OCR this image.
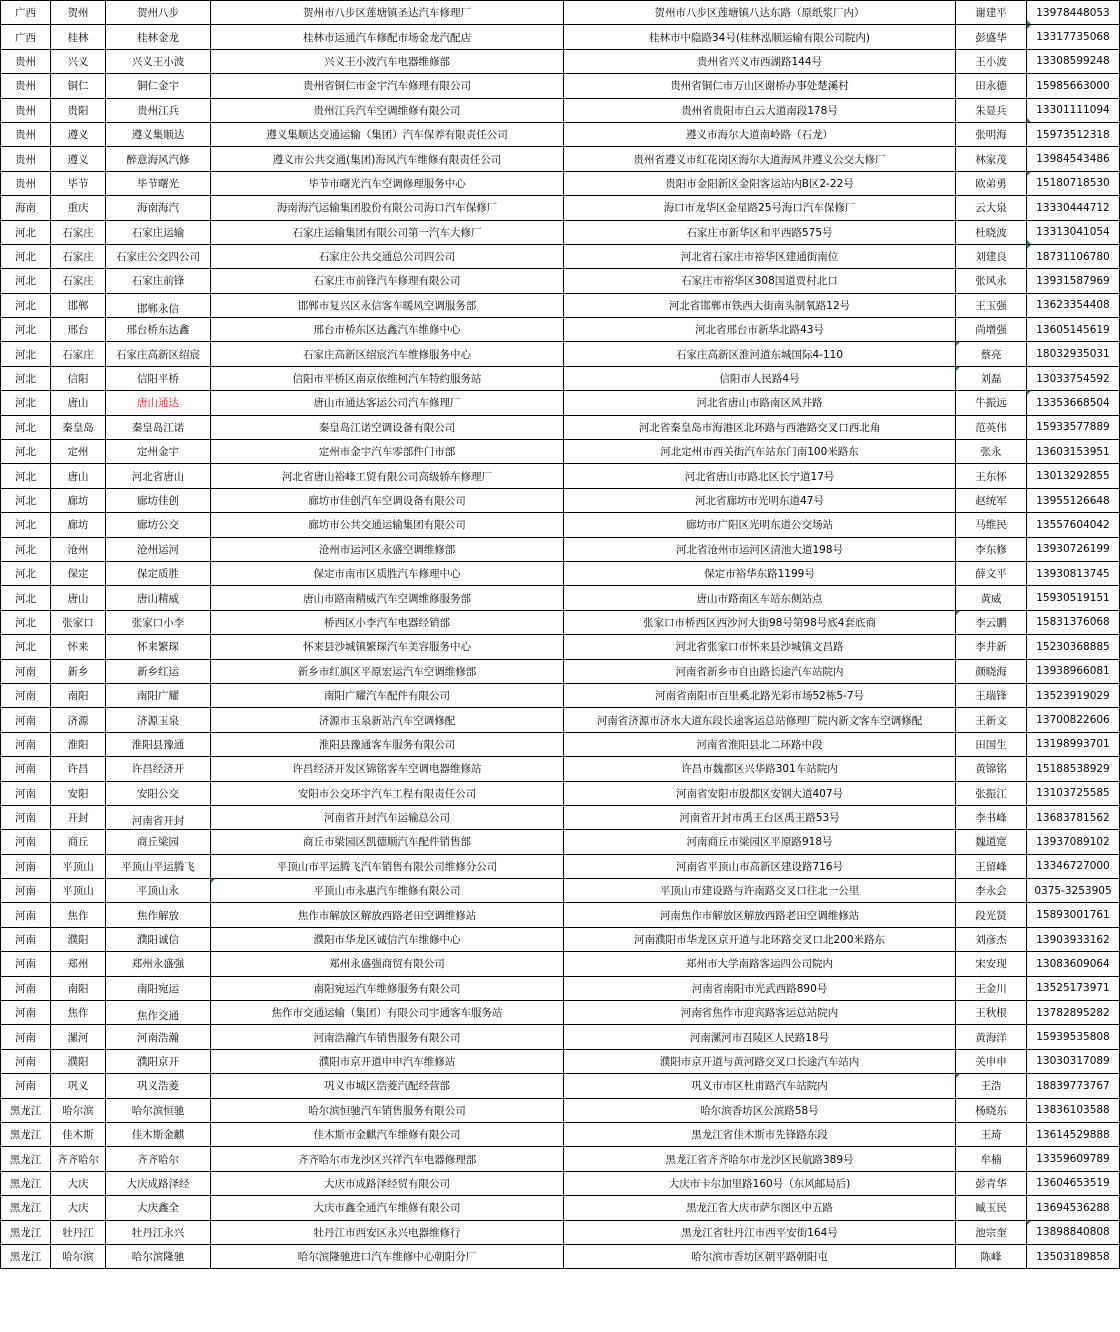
广西	贺州	贺州八步	贺州市八步区莲塘镇圣达汽车修理厂	贺州市八步区莲塘镇八达东路（原纸浆厂内）	谢建平	13978448053

广西	桂林	桂林金龙	桂林市运通汽车修配市场金龙汽配店	桂林市中隐路34号(桂林泓顺运输有限公司院内)	彭盛华	13317735068

贵州	兴义	兴义王小波	兴义王小波汽车电器维修部	贵州省兴义市西湖路144号	王小波	13308599248
贵州	铜仁	铜仁金宇	贵州省铜仁市金宇汽车修理有限公司	贵州省铜仁市万山区谢桥办事处楚溪村	田永德	15985663000
贵州	贵阳	贵州江兵	贵州江兵汽车空调维修有限公司	贵州省贵阳市白云大道南段178号	朱显兵	13301111094

贵州	遵义	遵义集顺达	遵义集顺达交通运输（集团）汽车保养有限责任公司	遵义市海尔大道南岭路（石龙）	张明海	15973512318
贵州	遵义	醉意海风汽修	遵义市公共交通(集团)海风汽车维修有限责任公司	贵州省遵义市红花岗区海尔大道海风井遵义公交大修厂	林家茂	13984543486
贵州	毕节	毕节曙光	毕节市曙光汽车空调修理服务中心	贵阳市金阳新区金阳客运站内B区2-22号	欧弟勇	15180718530

海南	重庆	海南海汽	海南海汽运输集团股份有限公司海口汽车保修厂	海口市龙华区金星路25号海口汽车保修厂	云大泉	13330444712
河北	石家庄	石家庄运输	石家庄运输集团有限公司第一汽车大修厂	石家庄市新华区和平西路575号	杜晓波	13313041054

河北	石家庄	石家庄公交四公司	石家庄公共交通总公司四公司	河北省石家庄市裕华区建通街南位	刘建良	18731106780

河北	石家庄	石家庄前锋	石家庄市前锋汽车修理有限公司	石家庄市裕华区308国道贾村北口	张风永	13931587969
河北	邯郸	邯郸永信	邯郸市复兴区永信客车暖风空调服务部	河北省邯郸市铁西大街南头制氧路12号	王玉强	13623354408
河北	邢台	邢台桥东达鑫	邢台市桥东区达鑫汽车维修中心	河北省邢台市新华北路43号	尚增强	13605145619
河北	石家庄	石家庄高新区绍宸	石家庄高新区绍宸汽车维修服务中心	石家庄高新区淮河道东城国际4-110	蔡亮	18032935031
河北	信阳	信阳平桥	信阳市平桥区南京依维柯汽车特约服务站	信阳市人民路4号	刘磊	13033754592
河北	唐山	唐山通达	唐山市通达客运公司汽车修理厂	河北省唐山市路南区风井路	牛振远	13353668504

河北	秦皇岛	秦皇岛江诺	秦皇岛江诺空调设备有限公司	河北省秦皇岛市海港区北环路与西港路交叉口西北角	范英伟	15933577889
河北	定州	定州金宇	定州市金宇汽车零部件门市部	河北定州市西关街汽车站东门南100米路东	张永	13603153951
河北	唐山	河北省唐山	河北省唐山裕峰工贸有限公司高级轿车修理厂	河北省唐山市路北区长宁道17号	王东怀	13013292855
河北	廊坊	廊坊佳创	廊坊市佳创汽车空调设备有限公司	河北省廊坊市光明东道47号	赵统军	13955126648
河北	廊坊	廊坊公交	廊坊市公共交通运输集团有限公司	廊坊市广阳区光明东道公交场站	马维民	13557604042
河北	沧州	沧州运河	沧州市运河区永盛空调维修部	河北省沧州市运河区清池大道198号	李东修	13930726199
河北	保定	保定质胜	保定市南市区质胜汽车修理中心	保定市裕华东路1199号	薛文平	13930813745
河北	唐山	唐山精威	唐山市路南精威汽车空调维修服务部	唐山市路南区车站东侧站点	黄威	15930519151
河北	张家口	张家口小李	桥西区小李汽车电器经销部	张家口市桥西区西沙河大街98号第98号底4套底商	李云鹏	15831376068
河北	怀来	怀来繁琛	怀来县沙城镇繁琛汽车美容服务中心	河北省张家口市怀来县沙城镇文昌路	李井新	15230368885
河南	新乡	新乡红运	新乡市红旗区平原宏运汽车空调维修部	河南省新乡市自由路长途汽车站院内	颜晓海	13938966081
河南	南阳	南阳广耀	南阳广耀汽车配件有限公司	河南省南阳市百里奚北路光彩市场52栋5-7号	王瑞锋	13523919029
河南	济源	济源玉泉	济源市玉泉新站汽车空调修配	河南省济源市济水大道东段长途客运总站修理厂院内新文客车空调修配	王新文	13700822606
河南	淮阳	淮阳县豫通	淮阳县豫通客车服务有限公司	河南省淮阳县北二环路中段	田国生	13198993701
河南	许昌	许昌经济开	许昌经济开发区锦铭客车空调电器维修站	许昌市魏都区兴华路301车站院内	黄锦铭	15188538929
河南	安阳	安阳公交	安阳市公交环宇汽车工程有限责任公司	河南省安阳市殷都区安钢大道407号	张振江	13103725585
河南	开封	河南省开封	河南省开封汽车运输总公司	河南省开封市禹王台区禹王路53号	李书峰	13683781562
河南	商丘	商丘梁园	商丘市梁园区凯德顺汽车配件销售部	河南商丘市梁园区平原路918号	魏道宽	13937089102
河南	平顶山	平顶山平运腾飞	平顶山市平运腾飞汽车销售有限公司维修分公司	河南省平顶山市高新区建设路716号	王留峰	13346727000
河南	平顶山	平顶山永	平顶山市永惠汽车维修有限公司	平顶山市建设路与许南路交叉口往北一公里	李永会	0375-3253905
河南	焦作	焦作解放	焦作市解放区解放西路老田空调维修站	河南焦作市解放区解放西路老田空调维修站	段光贤	15893001761
河南	濮阳	濮阳诚信	濮阳市华龙区诚信汽车维修中心	河南濮阳市华龙区京开道与北环路交叉口北200米路东	刘彦杰	13903933162
河南	郑州	郑州永盛强	郑州永盛强商贸有限公司	郑州市大学南路客运四公司院内	宋安现	13083609064
河南	南阳	南阳宛运	南阳宛运汽车维修服务有限公司	河南省南阳市光武西路890号	王金川	13525173971
河南	焦作	焦作交通	焦作市交通运输（集团）有限公司宇通客车服务站	河南省焦作市迎宾路客运总站院内	王秋根	13782895282
河南	漯河	河南浩瀚	河南浩瀚汽车销售服务有限公司	河南漯河市召陵区人民路18号	黄海洋	15939535808
河南	濮阳	濮阳京开	濮阳市京开道申申汽车维修站	濮阳市京开道与黄河路交叉口长途汽车站内	关申申	13030317089
河南	巩义	巩义浩菱	巩义市城区浩菱汽配经营部	巩义市市区杜甫路汽车站院内	王浩	18839773767
黑龙江	哈尔滨	哈尔滨恒驰	哈尔滨恒驰汽车销售服务有限公司	哈尔滨香坊区公滨路58号	杨晓东	13836103588
黑龙江	佳木斯	佳木斯金麒	佳木斯市金麒汽车维修有限公司	黑龙江省佳木斯市先锋路东段	王琦	13614529888
黑龙江	齐齐哈尔	齐齐哈尔	齐齐哈尔市龙沙区兴祥汽车电器修理部	黑龙江省齐齐哈尔市龙沙区民航路389号	牟楠	13359609789
黑龙江	大庆	大庆成路泽经	大庆市成路泽经贸有限公司	大庆市卡尔加里路160号（东风邮局后)	彭青华	13604653519
黑龙江	大庆	大庆鑫全	大庆市鑫全通汽车维修有限公司	黑龙江省大庆市萨尔图区中五路	臧玉民	13694536288
黑龙江	牡丹江	牡丹江永兴	牡丹江市西安区永兴电器维修行	黑龙江省牡丹江市西平安街164号	池宗奎	13898840808

黑龙江	哈尔滨	哈尔滨隆驰	哈尔滨隆驰进口汽车维修中心朝阳分厂	哈尔滨市香坊区朝平路朝阳屯	陈峰	13503189858
